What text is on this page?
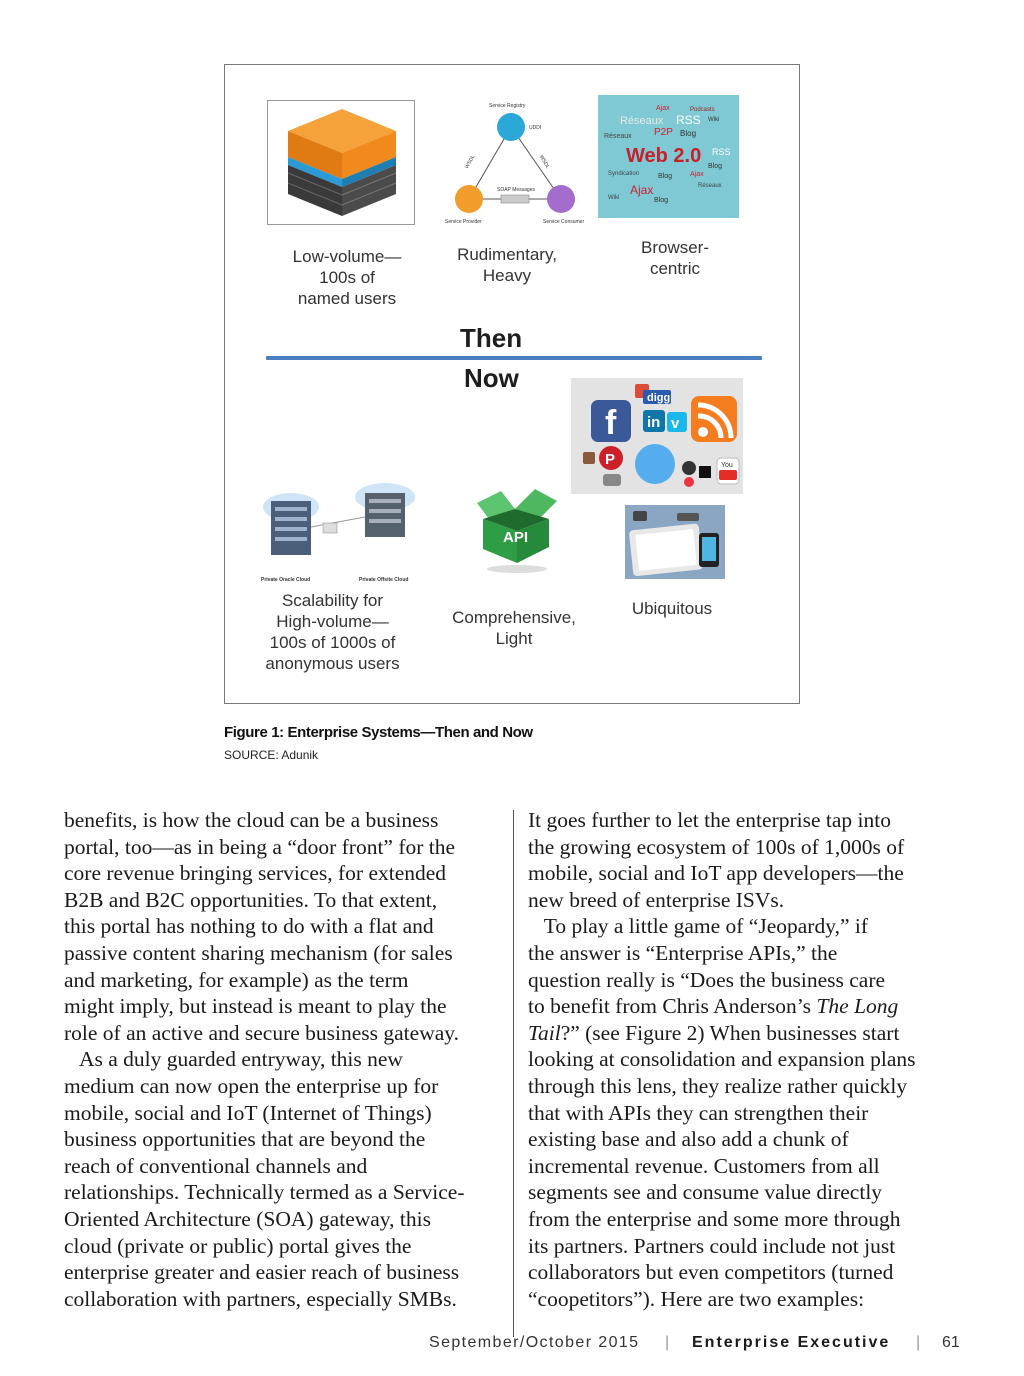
Service Registry
UDDI
WSDL	WSDL
SOAP Messages
Service Provider	Service Consumer
Ajax	Podcasts
Réseaux RSS Wiki
P2P Blog
Réseaux
Web 2.0 RSS
Blog
Syndication	Blog	Ajax
Ajax	Réseaux
Wiki	Blog
Low-volume—
100s of
named users
Rudimentary,
Heavy
Browser-
centric
Then
Now
f
digg
in v
P	You
Private Oracle Cloud	Private Offsite Cloud
API
Scalability for
High-volume—
100s of 1000s of
anonymous users
Comprehensive,
Light
Ubiquitous
Figure 1: Enterprise Systems—Then and Now
SOURCE: Adunik
benefits, is how the cloud can be a business
portal, too—as in being a “door front” for the
core revenue bringing services, for extended
B2B and B2C opportunities. To that extent,
this portal has nothing to do with a flat and
passive content sharing mechanism (for sales
and marketing, for example) as the term
might imply, but instead is meant to play the
role of an active and secure business gateway.
As a duly guarded entryway, this new
medium can now open the enterprise up for
mobile, social and IoT (Internet of Things)
business opportunities that are beyond the
reach of conventional channels and
relationships. Technically termed as a Service-
Oriented Architecture (SOA) gateway, this
cloud (private or public) portal gives the
enterprise greater and easier reach of business
collaboration with partners, especially SMBs.
It goes further to let the enterprise tap into
the growing ecosystem of 100s of 1,000s of
mobile, social and IoT app developers—the
new breed of enterprise ISVs.
To play a little game of “Jeopardy,” if
the answer is “Enterprise APIs,” the
question really is “Does the business care
to benefit from Chris Anderson’s The Long
Tail?” (see Figure 2) When businesses start
looking at consolidation and expansion plans
through this lens, they realize rather quickly
that with APIs they can strengthen their
existing base and also add a chunk of
incremental revenue. Customers from all
segments see and consume value directly
from the enterprise and some more through
its partners. Partners could include not just
collaborators but even competitors (turned
“coopetitors”). Here are two examples:
September/October 2015 | Enterprise Executive | 61
